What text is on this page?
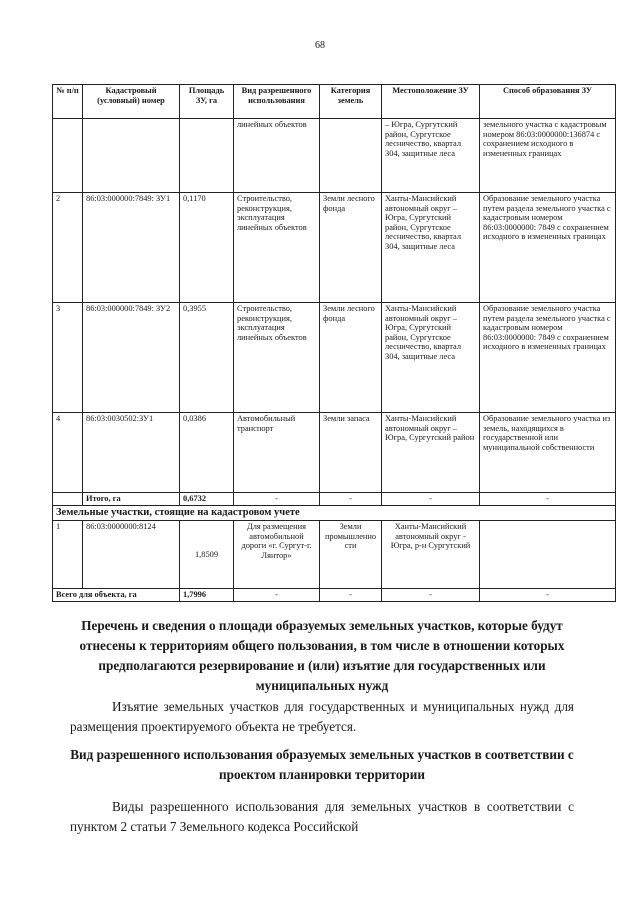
68
№ п/п	Кадастровый (условный) номер	Площадь ЗУ, га	Вид разрешенного использования	Категория земель	Местоположение ЗУ	Способ образования ЗУ
			линейных объектов		– Югра, Сургутский район, Сургутское лесничество, квартал 304, защитные леса	земельного участка с кадастровым номером 86:03:0000000:136874 с сохранением исходного в измененных границах
2	86:03:000000:7849: ЗУ1	0,1170	Строительство, реконструкция, эксплуатация линейных объектов	Земли лесного фонда	Ханты-Мансийский автономный округ – Югра, Сургутский район, Сургутское лесничество, квартал 304, защитные леса	Образование земельного участка путем раздела земельного участка с кадастровым номером 86:03:0000000: 7849 с сохранением исходного в измененных границах
3	86:03:000000:7849: ЗУ2	0,3955	Строительство, реконструкция, эксплуатация линейных объектов	Земли лесного фонда	Ханты-Мансийский автономный округ – Югра, Сургутский район, Сургутское лесничество, квартал 304, защитные леса	Образование земельного участка путем раздела земельного участка с кадастровым номером 86:03:0000000: 7849 с сохранением исходного в измененных границах
4	86:03:0030502:ЗУ1	0,0386	Автомобильный транспорт	Земли запаса	Ханты-Мансийский автономный округ – Югра, Сургутский район	Образование земельного участка из земель, находящихся в государственной или муниципальной собственности
	Итого, га	0,6732	-	-	-	-
Земельные участки, стоящие на кадастровом учете						
1	86:03:0000000:8124	1,8509	Для размещения автомобильной дороги «г. Сургут-г. Лянтор»	Земли промышленности	Ханты-Мансийский автономный округ - Югра, р-н Сургутский	
Всего для объекта, га		1,7996	-	-	-	-
Перечень и сведения о площади образуемых земельных участков, которые будут отнесены к территориям общего пользования, в том числе в отношении которых предполагаются резервирование и (или) изъятие для государственных или муниципальных нужд
Изъятие земельных участков для государственных и муниципальных нужд для размещения проектируемого объекта не требуется.
Вид разрешенного использования образуемых земельных участков в соответствии с проектом планировки территории
Виды разрешенного использования для земельных участков в соответствии с пунктом 2 статьи 7 Земельного кодекса Российской
